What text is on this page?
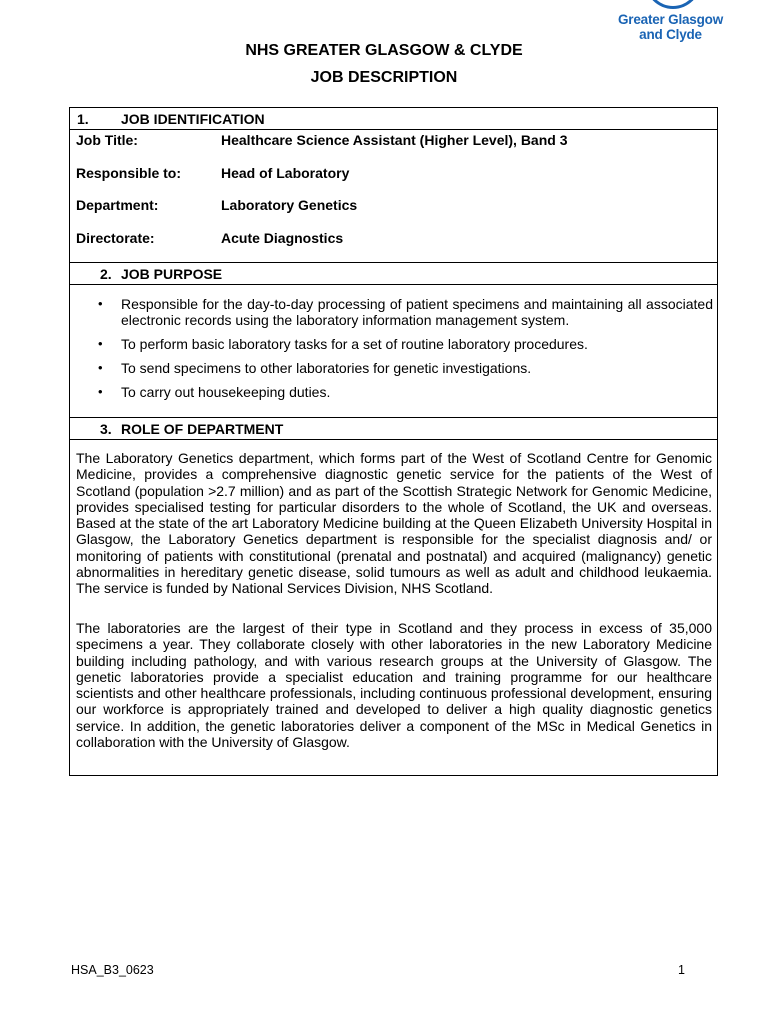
Greater Glasgow
and Clyde
NHS GREATER GLASGOW & CLYDE
JOB DESCRIPTION
1. JOB IDENTIFICATION
Job Title:	Healthcare Science Assistant (Higher Level), Band 3
Responsible to:	Head of Laboratory
Department:	Laboratory Genetics
Directorate:	Acute Diagnostics
2. JOB PURPOSE
• Responsible for the day-to-day processing of patient specimens and maintaining all associated electronic records using the laboratory information management system.
• To perform basic laboratory tasks for a set of routine laboratory procedures.
• To send specimens to other laboratories for genetic investigations.
• To carry out housekeeping duties.
3. ROLE OF DEPARTMENT

The Laboratory Genetics department, which forms part of the West of Scotland Centre for Genomic Medicine, provides a comprehensive diagnostic genetic service for the patients of the West of Scotland (population >2.7 million) and as part of the Scottish Strategic Network for Genomic Medicine, provides specialised testing for particular disorders to the whole of Scotland, the UK and overseas. Based at the state of the art Laboratory Medicine building at the Queen Elizabeth University Hospital in Glasgow, the Laboratory Genetics department is responsible for the specialist diagnosis and/ or monitoring of patients with constitutional (prenatal and postnatal) and acquired (malignancy) genetic abnormalities in hereditary genetic disease, solid tumours as well as adult and childhood leukaemia. The service is funded by National Services Division, NHS Scotland.

The laboratories are the largest of their type in Scotland and they process in excess of 35,000 specimens a year. They collaborate closely with other laboratories in the new Laboratory Medicine building including pathology, and with various research groups at the University of Glasgow. The genetic laboratories provide a specialist education and training programme for our healthcare scientists and other healthcare professionals, including continuous professional development, ensuring our workforce is appropriately trained and developed to deliver a high quality diagnostic genetics service. In addition, the genetic laboratories deliver a component of the MSc in Medical Genetics in collaboration with the University of Glasgow.

HSA_B3_0623	1
